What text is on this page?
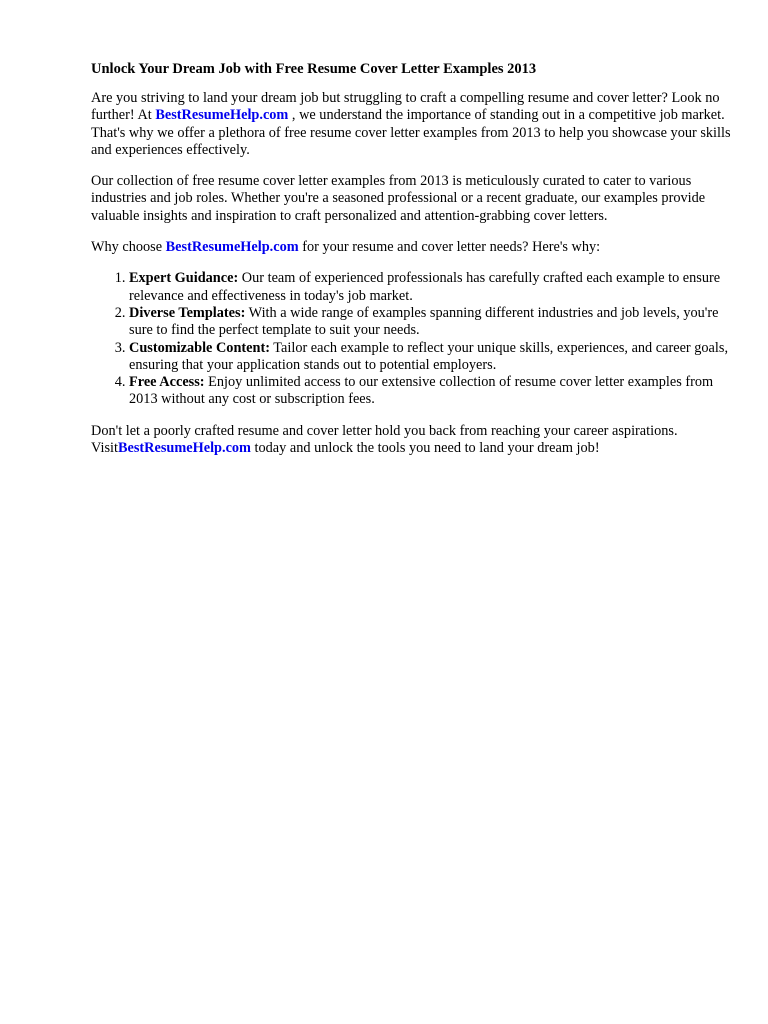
Unlock Your Dream Job with Free Resume Cover Letter Examples 2013

Are you striving to land your dream job but struggling to craft a compelling resume and cover letter? Look no further! At BestResumeHelp.com , we understand the importance of standing out in a competitive job market. That's why we offer a plethora of free resume cover letter examples from 2013 to help you showcase your skills and experiences effectively.

Our collection of free resume cover letter examples from 2013 is meticulously curated to cater to various industries and job roles. Whether you're a seasoned professional or a recent graduate, our examples provide valuable insights and inspiration to craft personalized and attention-grabbing cover letters.

Why choose BestResumeHelp.com for your resume and cover letter needs? Here's why:

1. Expert Guidance: Our team of experienced professionals has carefully crafted each example to ensure relevance and effectiveness in today's job market.
2. Diverse Templates: With a wide range of examples spanning different industries and job levels, you're sure to find the perfect template to suit your needs.
3. Customizable Content: Tailor each example to reflect your unique skills, experiences, and career goals, ensuring that your application stands out to potential employers.
4. Free Access: Enjoy unlimited access to our extensive collection of resume cover letter examples from 2013 without any cost or subscription fees.

Don't let a poorly crafted resume and cover letter hold you back from reaching your career aspirations. VisitBestResumeHelp.com today and unlock the tools you need to land your dream job!
